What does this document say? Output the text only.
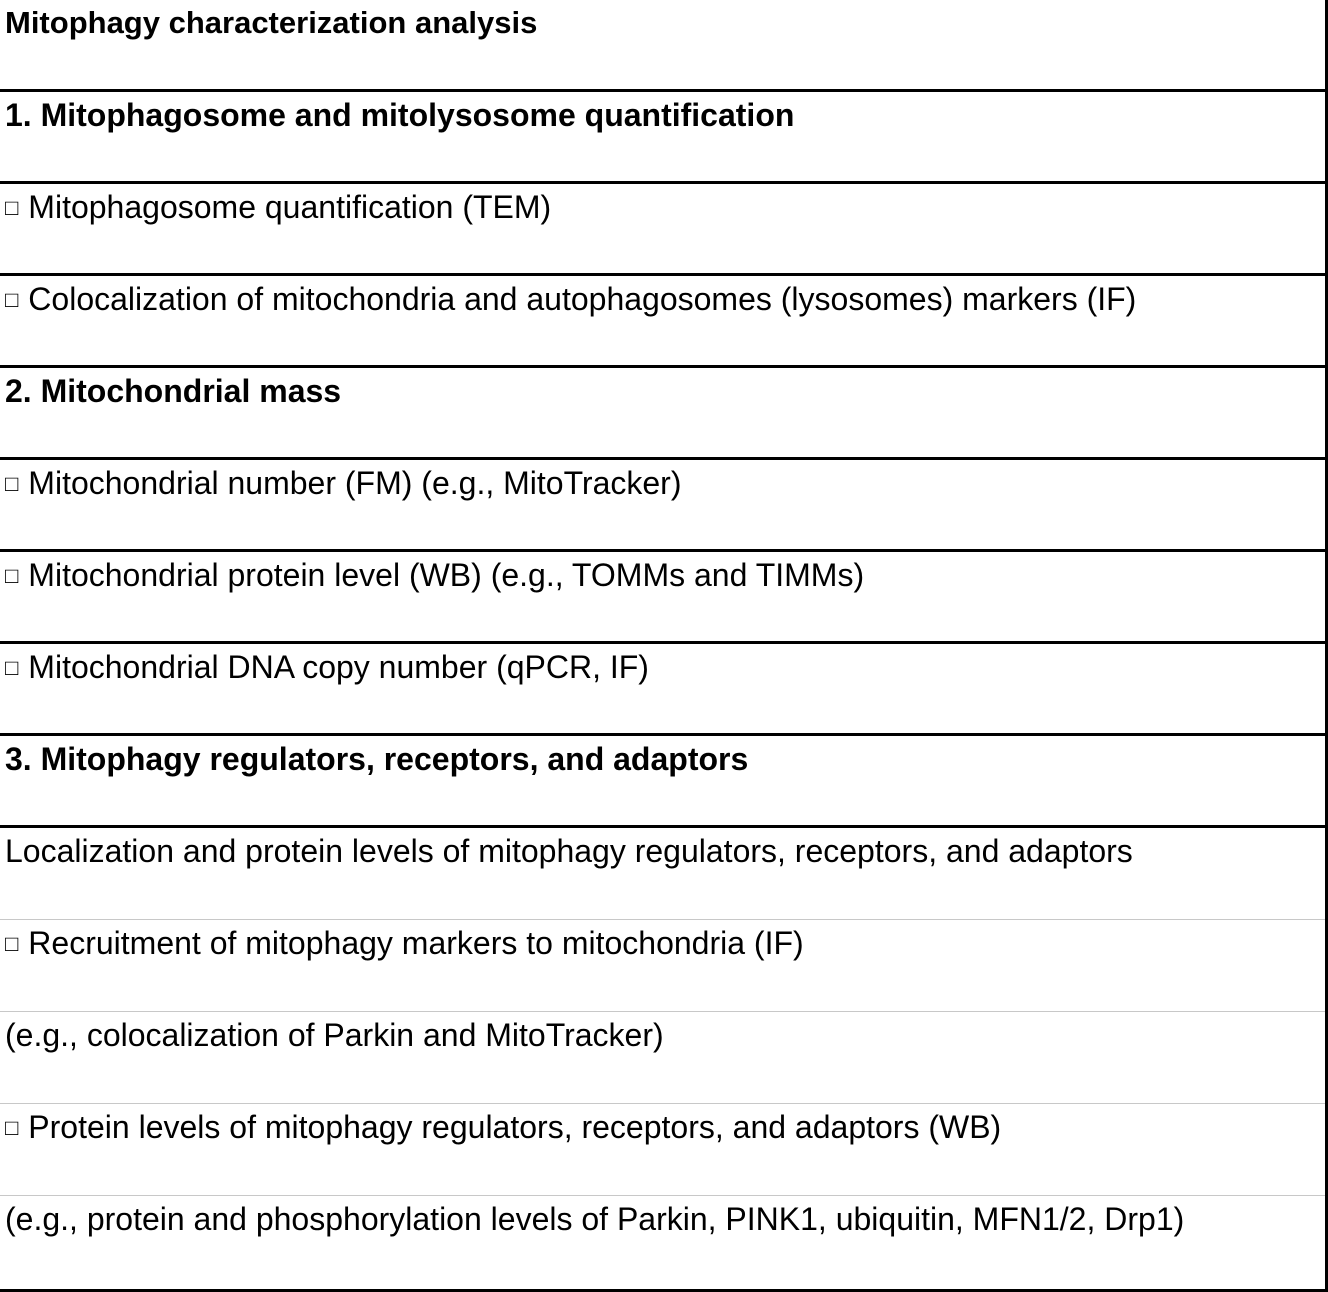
Mitophagy characterization analysis
1. Mitophagosome and mitolysosome quantification
□ Mitophagosome quantification (TEM)
□ Colocalization of mitochondria and autophagosomes (lysosomes) markers (IF)
2. Mitochondrial mass
□ Mitochondrial number (FM) (e.g., MitoTracker)
□ Mitochondrial protein level (WB) (e.g., TOMMs and TIMMs)
□ Mitochondrial DNA copy number (qPCR, IF)
3. Mitophagy regulators, receptors, and adaptors
Localization and protein levels of mitophagy regulators, receptors, and adaptors
□ Recruitment of mitophagy markers to mitochondria (IF)
(e.g., colocalization of Parkin and MitoTracker)
□ Protein levels of mitophagy regulators, receptors, and adaptors (WB)
(e.g., protein and phosphorylation levels of Parkin, PINK1, ubiquitin, MFN1/2, Drp1)
